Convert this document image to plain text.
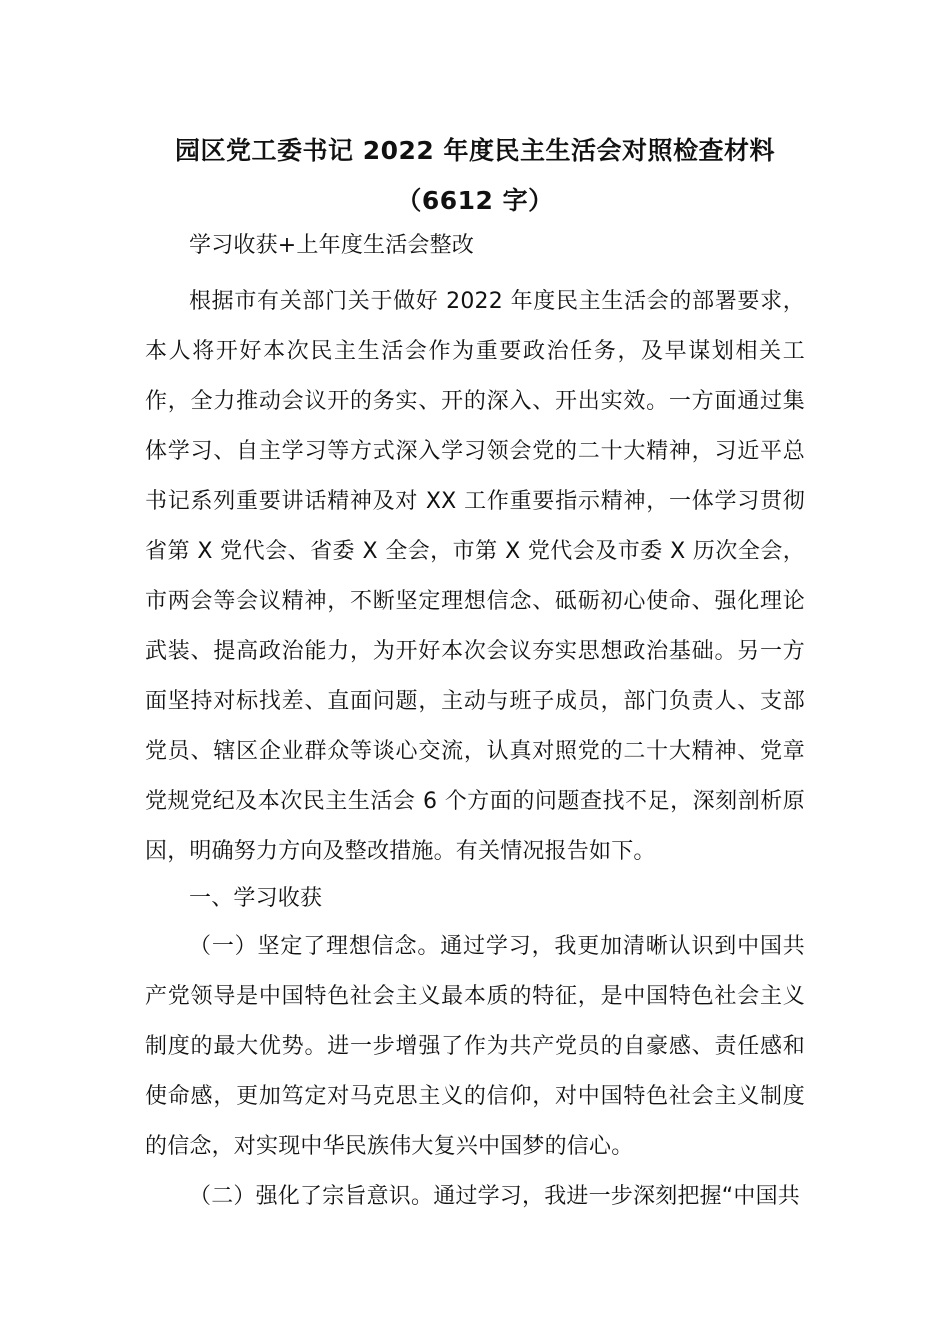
园区党工委书记 2022 年度民主生活会对照检查材料
（6612 字）
学习收获+上年度生活会整改
根据市有关部门关于做好 2022 年度民主生活会的部署要求，本人将开好本次民主生活会作为重要政治任务，及早谋划相关工作，全力推动会议开的务实、开的深入、开出实效。一方面通过集体学习、自主学习等方式深入学习领会党的二十大精神，习近平总书记系列重要讲话精神及对 XX 工作重要指示精神，一体学习贯彻省第 X 党代会、省委 X 全会，市第 X 党代会及市委 X 历次全会，市两会等会议精神，不断坚定理想信念、砥砺初心使命、强化理论武装、提高政治能力，为开好本次会议夯实思想政治基础。另一方面坚持对标找差、直面问题，主动与班子成员，部门负责人、支部党员、辖区企业群众等谈心交流，认真对照党的二十大精神、党章党规党纪及本次民主生活会 6 个方面的问题查找不足，深刻剖析原因，明确努力方向及整改措施。有关情况报告如下。
一、学习收获
（一）坚定了理想信念。通过学习，我更加清晰认识到中国共产党领导是中国特色社会主义最本质的特征，是中国特色社会主义制度的最大优势。进一步增强了作为共产党员的自豪感、责任感和使命感，更加笃定对马克思主义的信仰，对中国特色社会主义制度的信念，对实现中华民族伟大复兴中国梦的信心。
（二）强化了宗旨意识。通过学习，我进一步深刻把握“中国共
